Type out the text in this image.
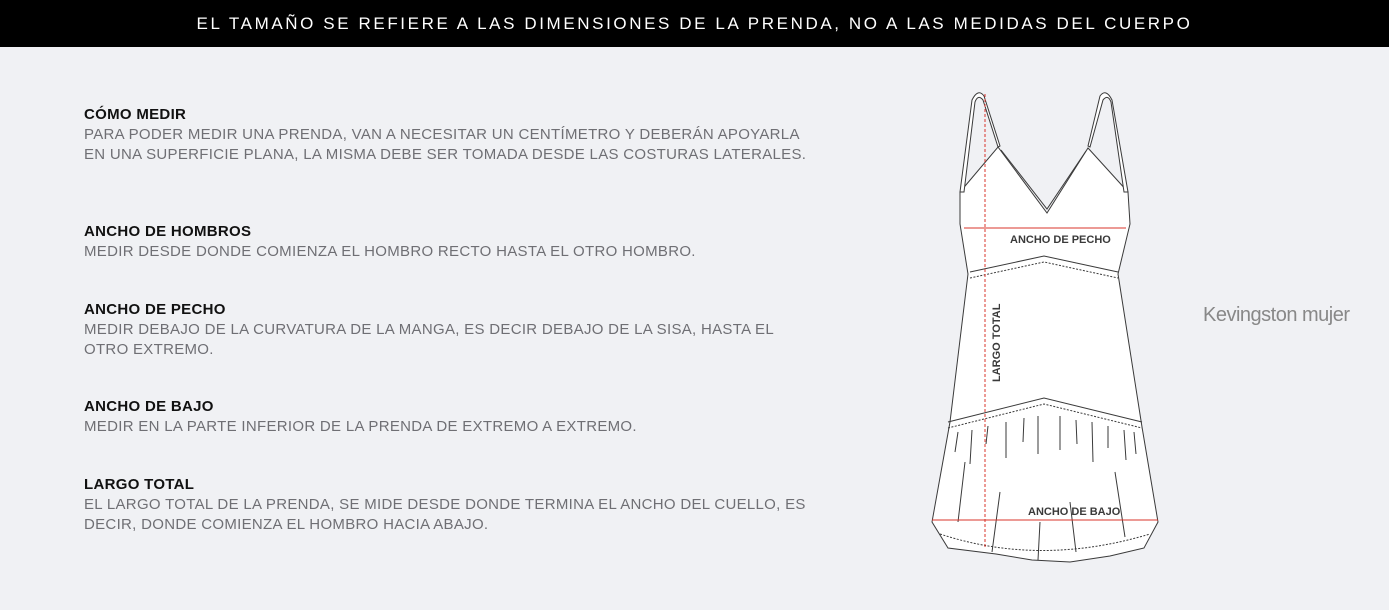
EL TAMAÑO SE REFIERE A LAS DIMENSIONES DE LA PRENDA, NO A LAS MEDIDAS DEL CUERPO
CÓMO MEDIR

PARA PODER MEDIR UNA PRENDA, VAN A NECESITAR UN CENTÍMETRO Y DEBERÁN APOYARLA
EN UNA SUPERFICIE PLANA, LA MISMA DEBE SER TOMADA DESDE LAS COSTURAS LATERALES.

ANCHO DE HOMBROS

MEDIR DESDE DONDE COMIENZA EL HOMBRO RECTO HASTA EL OTRO HOMBRO.

ANCHO DE PECHO

MEDIR DEBAJO DE LA CURVATURA DE LA MANGA, ES DECIR DEBAJO DE LA SISA, HASTA EL
OTRO EXTREMO.

ANCHO DE BAJO

MEDIR EN LA PARTE INFERIOR DE LA PRENDA DE EXTREMO A EXTREMO.

LARGO TOTAL

EL LARGO TOTAL DE LA PRENDA, SE MIDE DESDE DONDE TERMINA EL ANCHO DEL CUELLO, ES
DECIR, DONDE COMIENZA EL HOMBRO HACIA ABAJO.

ANCHO DE PECHO
ANCHO DE BAJO
LARGO TOTAL	Kevingston mujer
